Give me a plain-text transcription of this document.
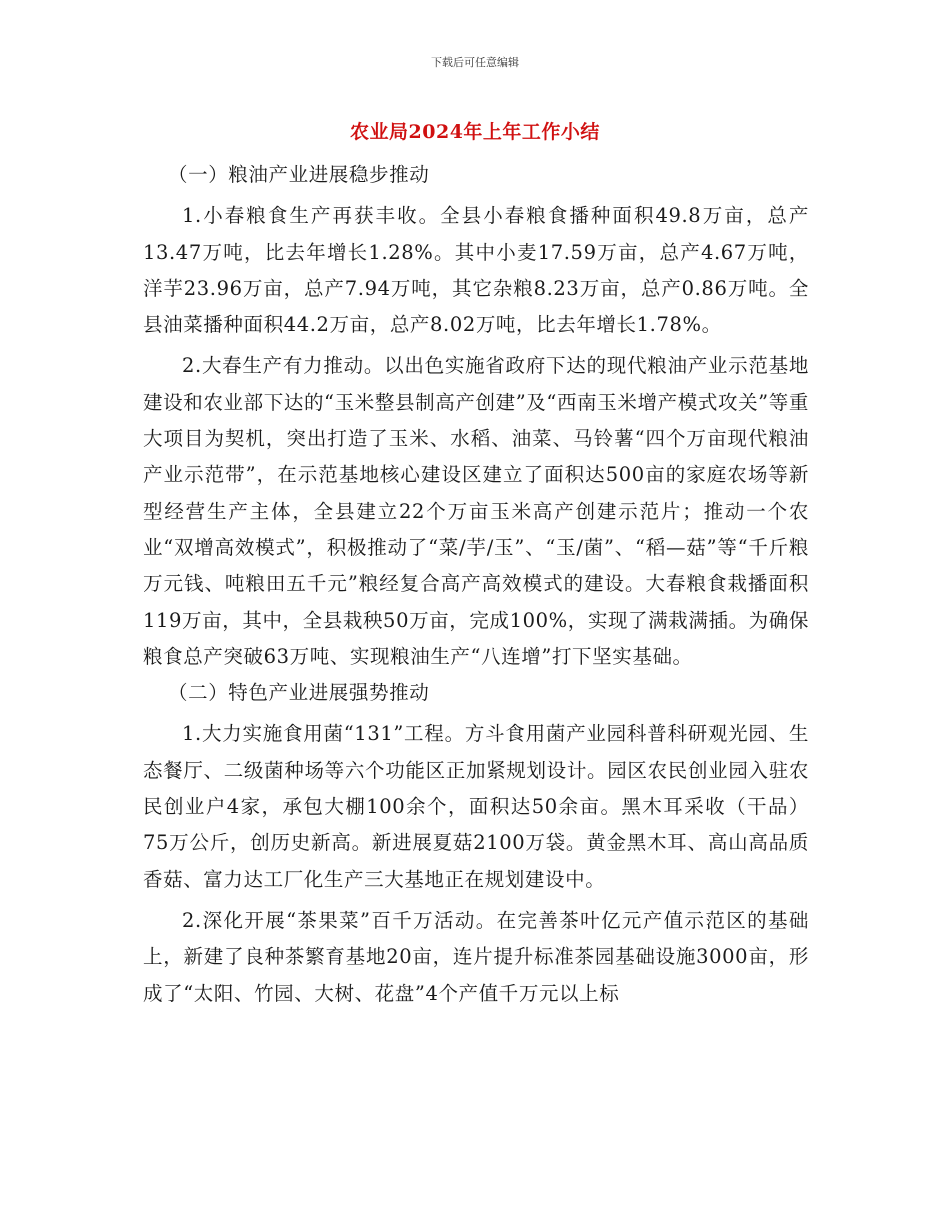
下载后可任意编辑
农业局2024年上年工作小结

（一）粮油产业进展稳步推动

1.小春粮食生产再获丰收。全县小春粮食播种面积49.8万亩，总产13.47万吨，比去年增长1.28%。其中小麦17.59万亩，总产4.67万吨，洋芋23.96万亩，总产7.94万吨，其它杂粮8.23万亩，总产0.86万吨。全县油菜播种面积44.2万亩，总产8.02万吨，比去年增长1.78%。

2.大春生产有力推动。以出色实施省政府下达的现代粮油产业示范基地建设和农业部下达的“玉米整县制高产创建”及“西南玉米增产模式攻关”等重大项目为契机，突出打造了玉米、水稻、油菜、马铃薯“四个万亩现代粮油产业示范带”，在示范基地核心建设区建立了面积达500亩的家庭农场等新型经营生产主体，全县建立22个万亩玉米高产创建示范片；推动一个农业“双增高效模式”，积极推动了“菜/芋/玉”、“玉/菌”、“稻—菇”等“千斤粮万元钱、吨粮田五千元”粮经复合高产高效模式的建设。大春粮食栽播面积119万亩，其中，全县栽秧50万亩，完成100%，实现了满栽满插。为确保粮食总产突破63万吨、实现粮油生产“八连增”打下坚实基础。

（二）特色产业进展强势推动

1.大力实施食用菌“131”工程。方斗食用菌产业园科普科研观光园、生态餐厅、二级菌种场等六个功能区正加紧规划设计。园区农民创业园入驻农民创业户4家，承包大棚100余个，面积达50余亩。黑木耳采收（干品）75万公斤，创历史新高。新进展夏菇2100万袋。黄金黑木耳、高山高品质香菇、富力达工厂化生产三大基地正在规划建设中。

2.深化开展“茶果菜”百千万活动。在完善茶叶亿元产值示范区的基础上，新建了良种茶繁育基地20亩，连片提升标准茶园基础设施3000亩，形成了“太阳、竹园、大树、花盘”4个产值千万元以上标
